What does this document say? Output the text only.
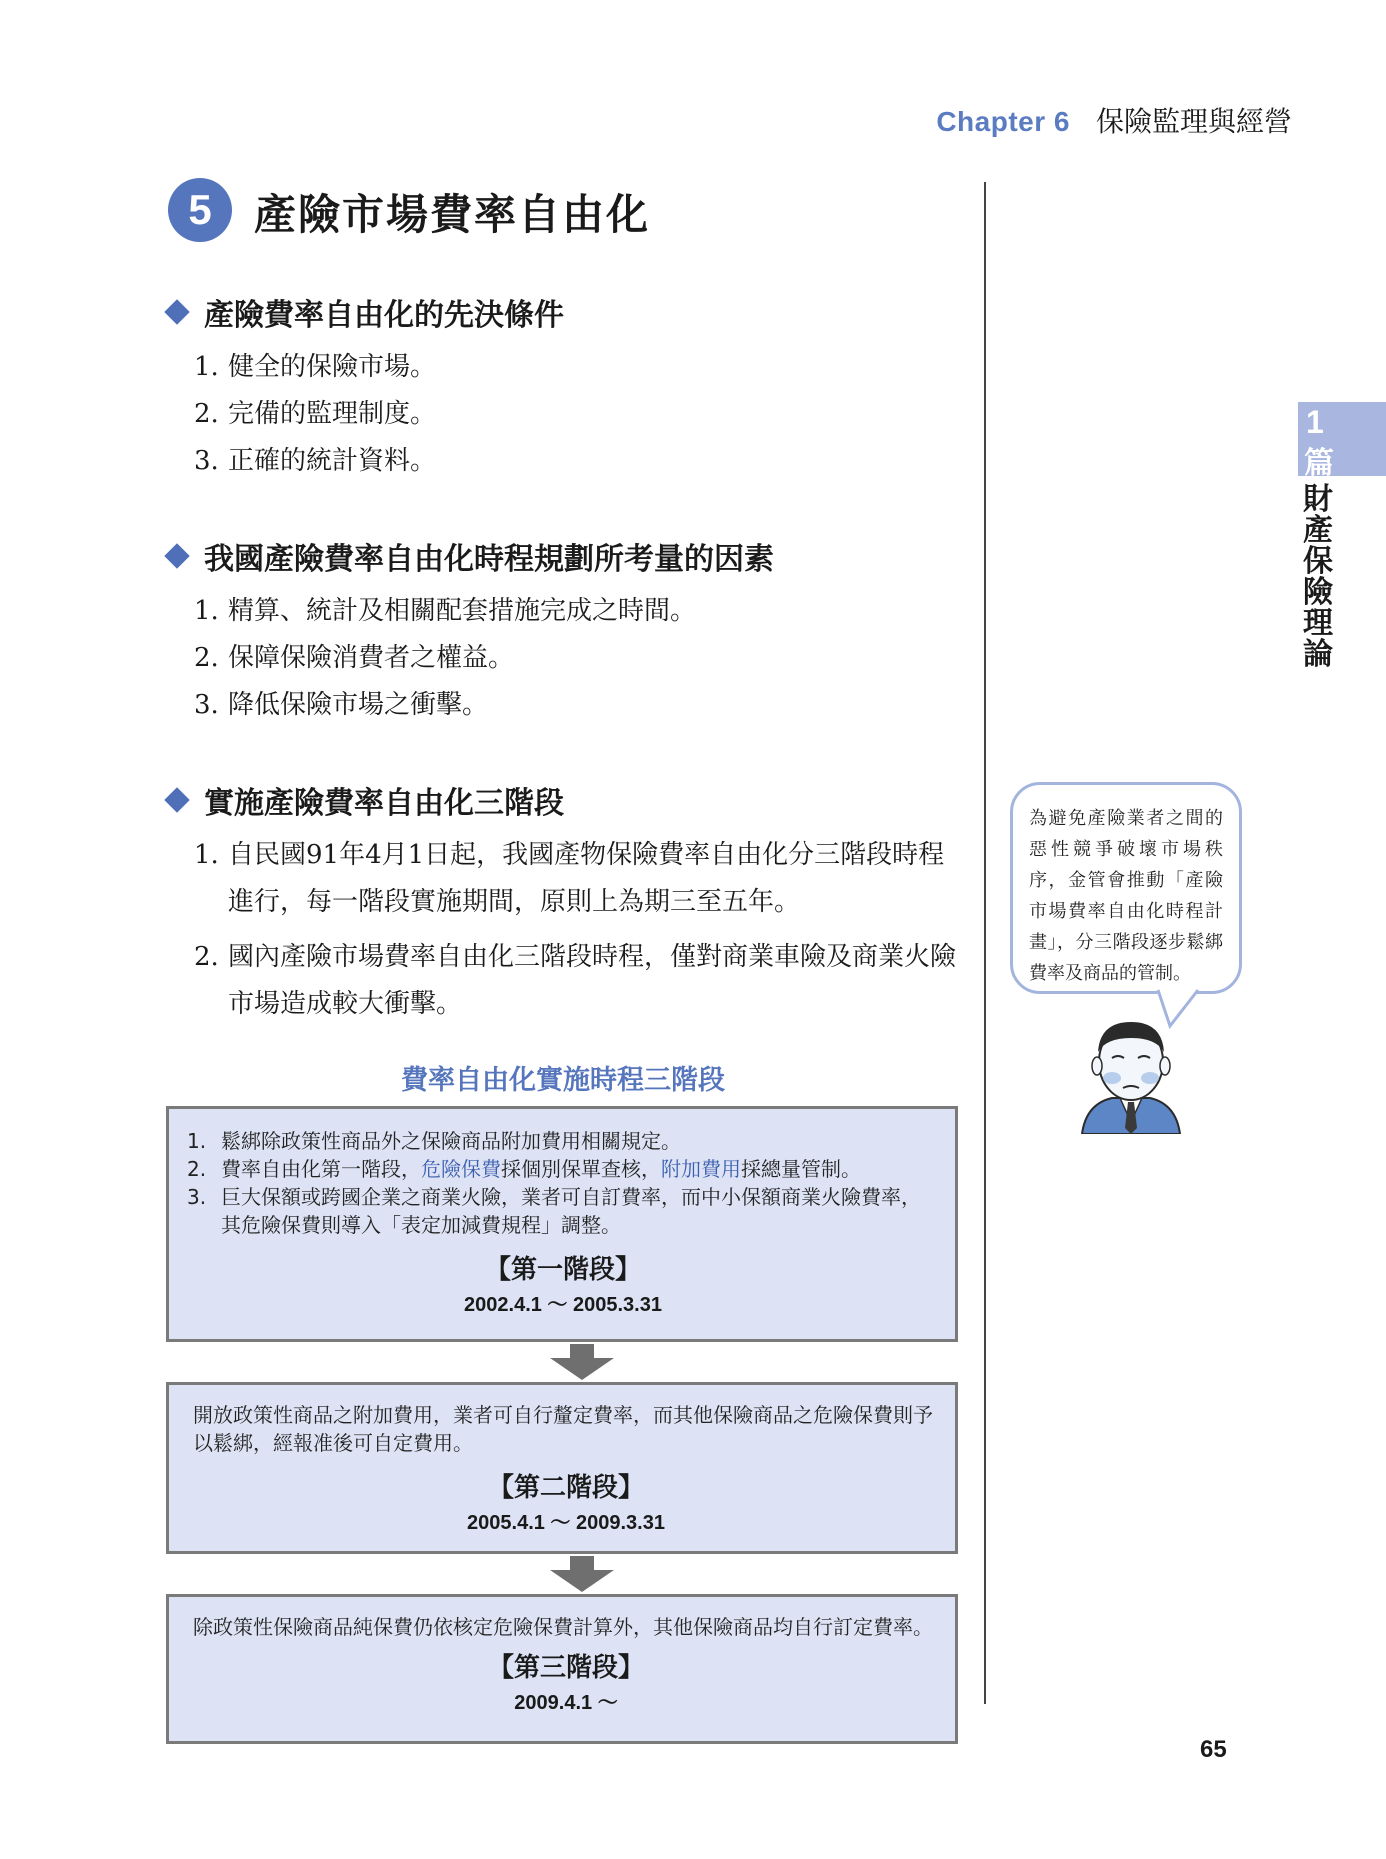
Chapter 6 保險監理與經營
5	產險市場費率自由化
產險費率自由化的先決條件
1. 健全的保險市場。
2. 完備的監理制度。
3. 正確的統計資料。
我國產險費率自由化時程規劃所考量的因素
1. 精算、統計及相關配套措施完成之時間。
2. 保障保險消費者之權益。
3. 降低保險市場之衝擊。
實施產險費率自由化三階段
1. 自民國91年4月1日起，我國產物保險費率自由化分三階段時程進行，每一階段實施期間，原則上為期三至五年。
2. 國內產險市場費率自由化三階段時程，僅對商業車險及商業火險市場造成較大衝擊。
費率自由化實施時程三階段
1. 鬆綁除政策性商品外之保險商品附加費用相關規定。
2. 費率自由化第一階段，危險保費採個別保單查核，附加費用採總量管制。
3. 巨大保額或跨國企業之商業火險，業者可自訂費率，而中小保額商業火險費率，其危險保費則導入「表定加減費規程」調整。
【第一階段】
2002.4.1 ～ 2005.3.31
開放政策性商品之附加費用，業者可自行釐定費率，而其他保險商品之危險保費則予以鬆綁，經報准後可自定費用。
【第二階段】
2005.4.1 ～ 2009.3.31
除政策性保險商品純保費仍依核定危險保費計算外，其他保險商品均自行訂定費率。
【第三階段】
2009.4.1 ～
1
篇
財產保險理論
為避免產險業者之間的惡性競爭破壞市場秩序，金管會推動「產險市場費率自由化時程計畫」，分三階段逐步鬆綁費率及商品的管制。
65
